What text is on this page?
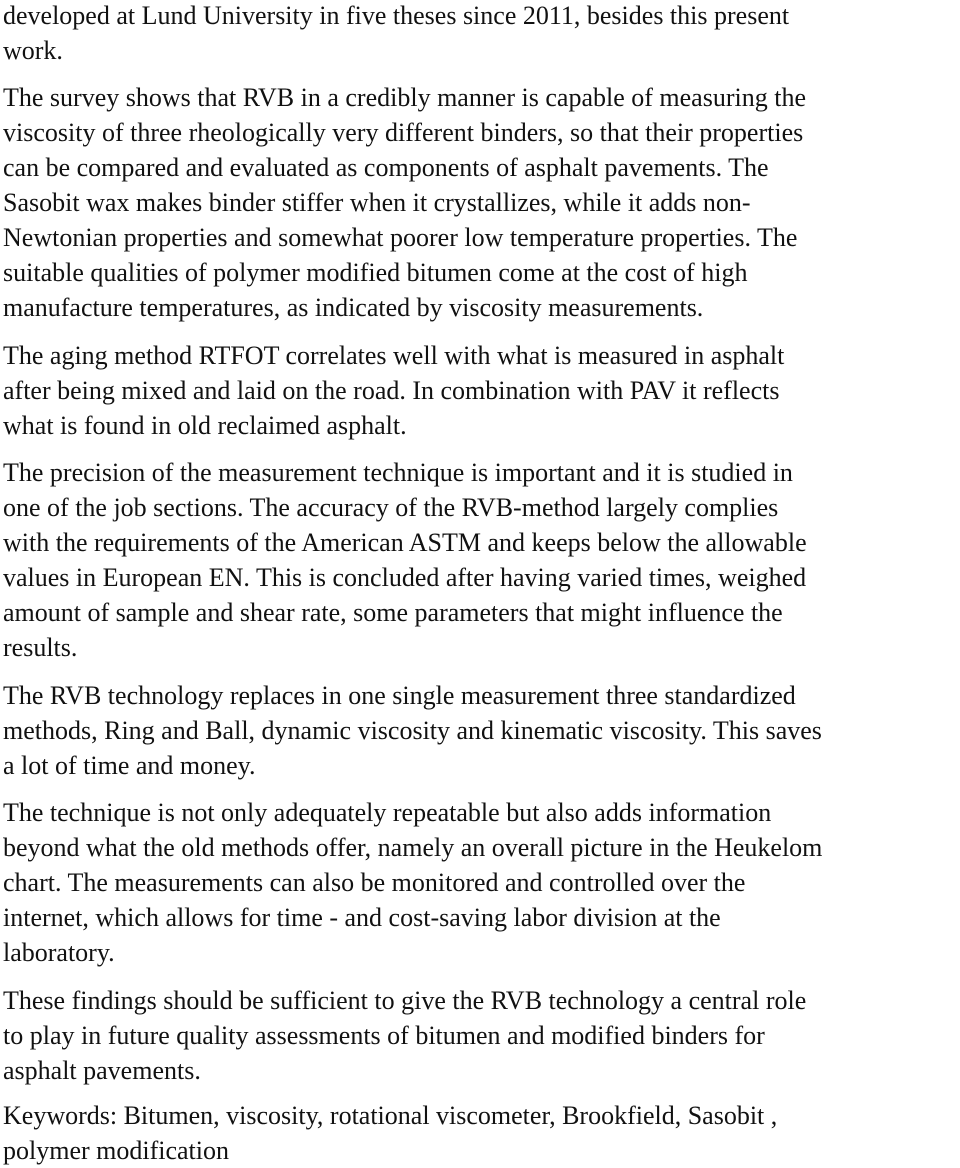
developed at Lund University in five theses since 2011, besides this present
work.
The survey shows that RVB in a credibly manner is capable of measuring the
viscosity of three rheologically very different binders, so that their properties
can be compared and evaluated as components of asphalt pavements. The
Sasobit wax makes binder stiffer when it crystallizes, while it adds non-
Newtonian properties and somewhat poorer low temperature properties. The
suitable qualities of polymer modified bitumen come at the cost of high
manufacture temperatures, as indicated by viscosity measurements.
The aging method RTFOT correlates well with what is measured in asphalt
after being mixed and laid on the road. In combination with PAV it reflects
what is found in old reclaimed asphalt.
The precision of the measurement technique is important and it is studied in
one of the job sections. The accuracy of the RVB-method largely complies
with the requirements of the American ASTM and keeps below the allowable
values in European EN. This is concluded after having varied times, weighed
amount of sample and shear rate, some parameters that might influence the
results.
The RVB technology replaces in one single measurement three standardized
methods, Ring and Ball, dynamic viscosity and kinematic viscosity. This saves
a lot of time and money.
The technique is not only adequately repeatable but also adds information
beyond what the old methods offer, namely an overall picture in the Heukelom
chart. The measurements can also be monitored and controlled over the
internet, which allows for time - and cost-saving labor division at the
laboratory.
These findings should be sufficient to give the RVB technology a central role
to play in future quality assessments of bitumen and modified binders for
asphalt pavements.
Keywords: Bitumen, viscosity, rotational viscometer, Brookfield, Sasobit ,
polymer modification
